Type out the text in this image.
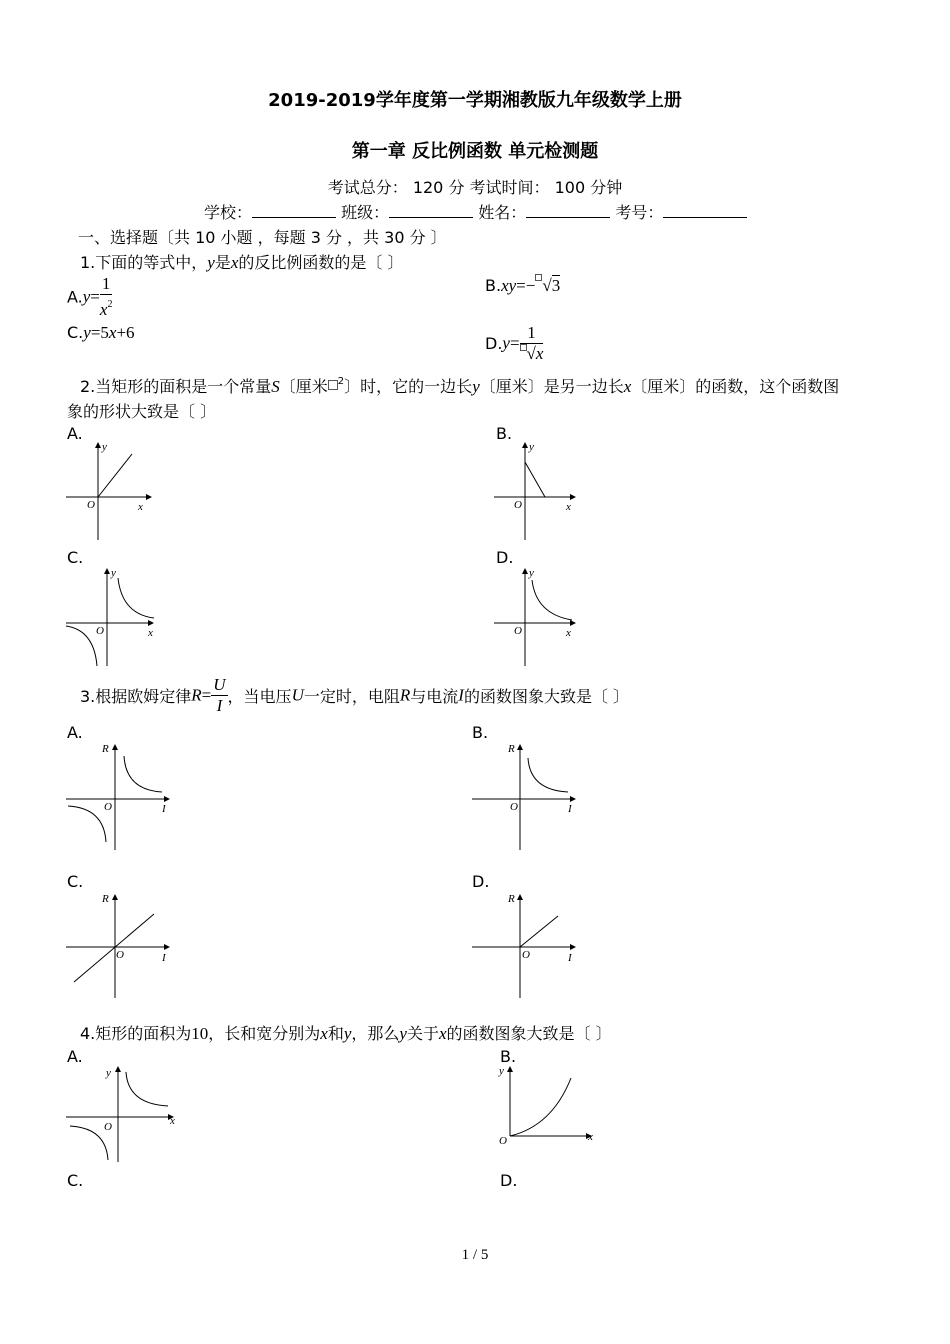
2019-2019学年度第一学期湘教版九年级数学上册
第一章 反比例函数 单元检测题
考试总分： 120 分 考试时间： 100 分钟
学校：	班级：	姓名：	考号：
一、选择题〔共 10 小题 ，每题 3 分 ，共 30 分 〕
1.下面的等式中，y是x的反比例函数的是〔 〕
$A.y= \frac{1}{x^2}$	B.xy=− √3
C.y=5x+6
$D.y= \frac{1}{√x}$
2.当矩形的面积是一个常量S〔厘米 $^2$〕时，它的一边长y〔厘米〕是另一边长x〔厘米〕的函数，这个函数图
象的形状大致是〔 〕
A.	B.
C.	D.
y
O	x
y
O	x
y
O	x
y
O	x
3.根据欧姆定律$R= \frac{U}{I}$ ，当电压U一定时，电阻R与电流I的函数图象大致是〔 〕
A.	B.
C.	D.
R
O	I
R
O	I
R
O	I
R
O	I
4.矩形的面积为10，长和宽分别为x和y，那么y关于x的函数图象大致是〔 〕
A.	B.
C.	D.
y
O	x
y
O	x
1 / 5
